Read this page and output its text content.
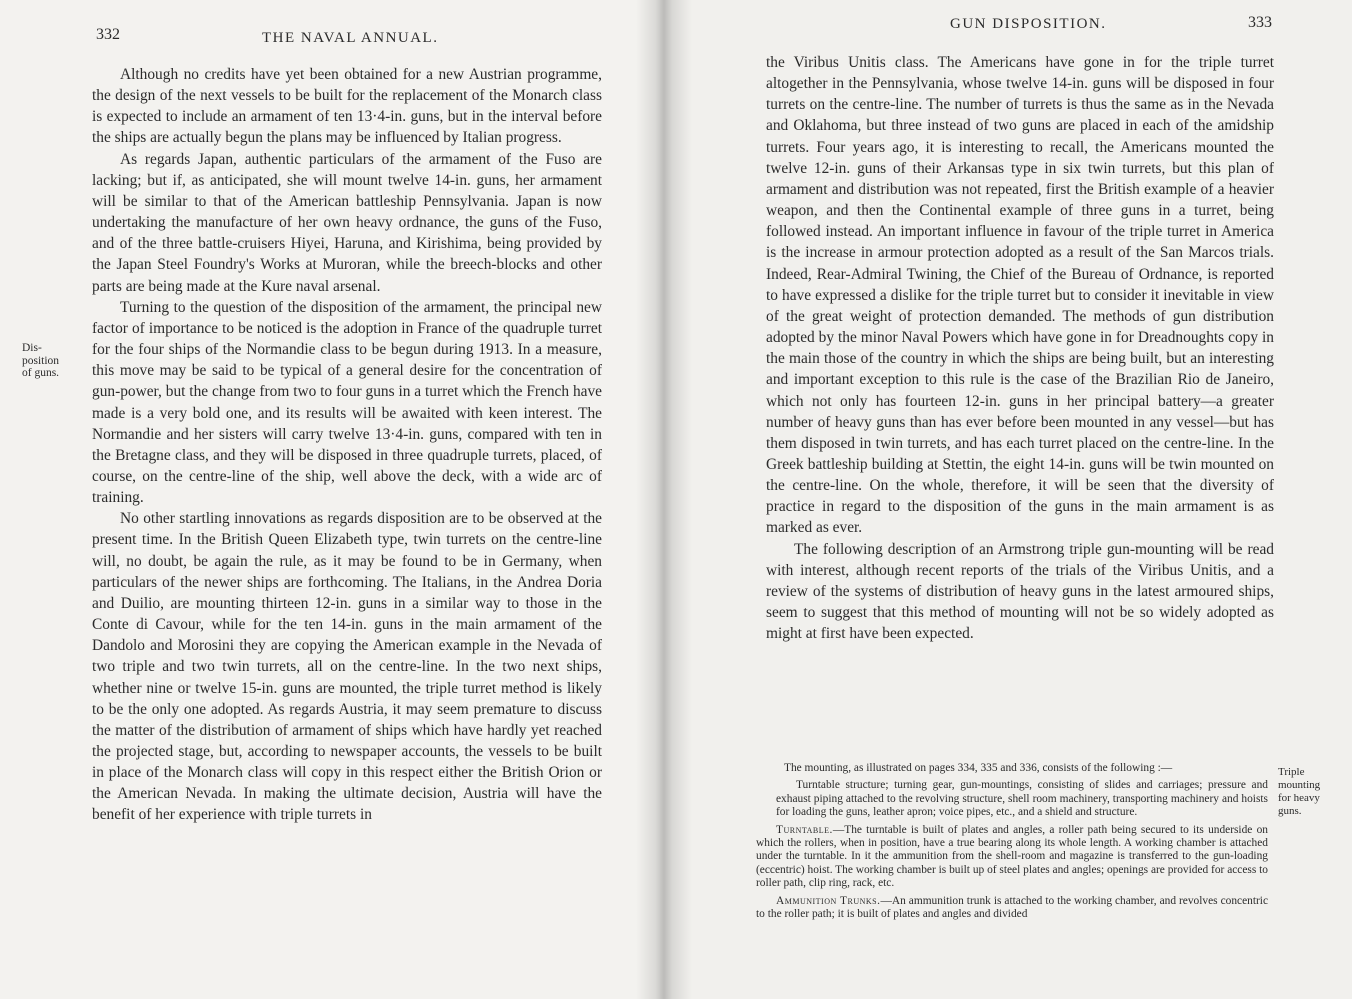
332	THE NAVAL ANNUAL.
Dis-
position
of guns.

Although no credits have yet been obtained for a new Austrian programme, the design of the next vessels to be built for the replacement of the Monarch class is expected to include an armament of ten 13·4-in. guns, but in the interval before the ships are actually begun the plans may be influenced by Italian progress.

As regards Japan, authentic particulars of the armament of the Fuso are lacking; but if, as anticipated, she will mount twelve 14-in. guns, her armament will be similar to that of the American battleship Pennsylvania. Japan is now undertaking the manufacture of her own heavy ordnance, the guns of the Fuso, and of the three battle-cruisers Hiyei, Haruna, and Kirishima, being provided by the Japan Steel Foundry's Works at Muroran, while the breech-blocks and other parts are being made at the Kure naval arsenal.

Turning to the question of the disposition of the armament, the principal new factor of importance to be noticed is the adoption in France of the quadruple turret for the four ships of the Normandie class to be begun during 1913. In a measure, this move may be said to be typical of a general desire for the concentration of gun-power, but the change from two to four guns in a turret which the French have made is a very bold one, and its results will be awaited with keen interest. The Normandie and her sisters will carry twelve 13·4-in. guns, compared with ten in the Bretagne class, and they will be disposed in three quadruple turrets, placed, of course, on the centre-line of the ship, well above the deck, with a wide arc of training.

No other startling innovations as regards disposition are to be observed at the present time. In the British Queen Elizabeth type, twin turrets on the centre-line will, no doubt, be again the rule, as it may be found to be in Germany, when particulars of the newer ships are forthcoming. The Italians, in the Andrea Doria and Duilio, are mounting thirteen 12-in. guns in a similar way to those in the Conte di Cavour, while for the ten 14-in. guns in the main armament of the Dandolo and Morosini they are copying the American example in the Nevada of two triple and two twin turrets, all on the centre-line. In the two next ships, whether nine or twelve 15-in. guns are mounted, the triple turret method is likely to be the only one adopted. As regards Austria, it may seem premature to discuss the matter of the distribution of armament of ships which have hardly yet reached the projected stage, but, according to newspaper accounts, the vessels to be built in place of the Monarch class will copy in this respect either the British Orion or the American Nevada. In making the ultimate decision, Austria will have the benefit of her experience with triple turrets in

GUN DISPOSITION.	333

the Viribus Unitis class. The Americans have gone in for the triple turret altogether in the Pennsylvania, whose twelve 14-in. guns will be disposed in four turrets on the centre-line. The number of turrets is thus the same as in the Nevada and Oklahoma, but three instead of two guns are placed in each of the amidship turrets. Four years ago, it is interesting to recall, the Americans mounted the twelve 12-in. guns of their Arkansas type in six twin turrets, but this plan of armament and distribution was not repeated, first the British example of a heavier weapon, and then the Continental example of three guns in a turret, being followed instead. An important influence in favour of the triple turret in America is the increase in armour protection adopted as a result of the San Marcos trials. Indeed, Rear-Admiral Twining, the Chief of the Bureau of Ordnance, is reported to have expressed a dislike for the triple turret but to consider it inevitable in view of the great weight of protection demanded. The methods of gun distribution adopted by the minor Naval Powers which have gone in for Dreadnoughts copy in the main those of the country in which the ships are being built, but an interesting and important exception to this rule is the case of the Brazilian Rio de Janeiro, which not only has fourteen 12-in. guns in her principal battery—a greater number of heavy guns than has ever before been mounted in any vessel—but has them disposed in twin turrets, and has each turret placed on the centre-line. In the Greek battleship building at Stettin, the eight 14-in. guns will be twin mounted on the centre-line. On the whole, therefore, it will be seen that the diversity of practice in regard to the disposition of the guns in the main armament is as marked as ever.

The following description of an Armstrong triple gun-mounting will be read with interest, although recent reports of the trials of the Viribus Unitis, and a review of the systems of distribution of heavy guns in the latest armoured ships, seem to suggest that this method of mounting will not be so widely adopted as might at first have been expected.

Triple
mounting
for heavy
guns.

The mounting, as illustrated on pages 334, 335 and 336, consists of the following :—

Turntable structure; turning gear, gun-mountings, consisting of slides and carriages; pressure and exhaust piping attached to the revolving structure, shell room machinery, transporting machinery and hoists for loading the guns, leather apron; voice pipes, etc., and a shield and structure.

Turntable.—The turntable is built of plates and angles, a roller path being secured to its underside on which the rollers, when in position, have a true bearing along its whole length. A working chamber is attached under the turntable. In it the ammunition from the shell-room and magazine is transferred to the gun-loading (eccentric) hoist. The working chamber is built up of steel plates and angles; openings are provided for access to roller path, clip ring, rack, etc.

Ammunition Trunks.—An ammunition trunk is attached to the working chamber, and revolves concentric to the roller path; it is built of plates and angles and divided
